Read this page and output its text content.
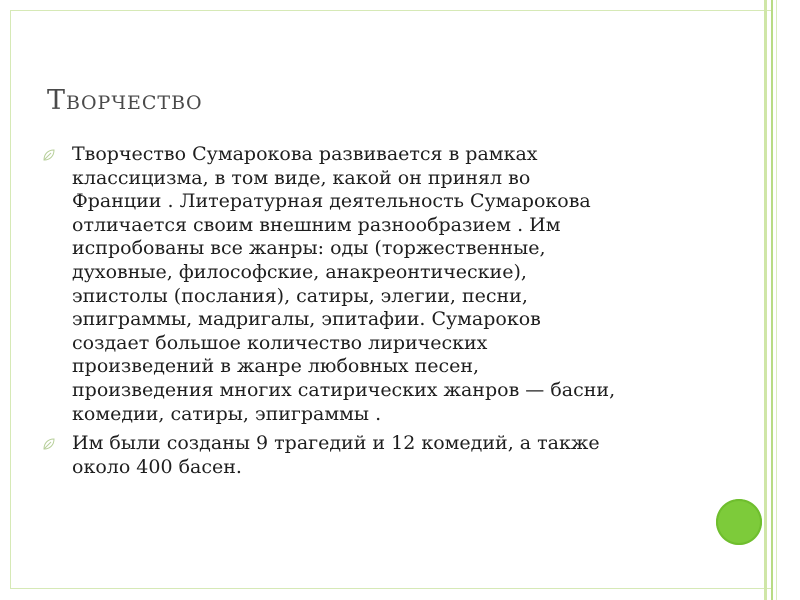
Творчество
Творчество Сумарокова развивается в рамках классицизма, в том виде, какой он принял во Франции . Литературная деятельность Сумарокова отличается своим внешним разнообразием . Им испробованы все жанры: оды (торжественные, духовные, философские, анакреонтические), эпистолы (послания), сатиры, элегии, песни, эпиграммы, мадригалы, эпитафии. Сумароков создает большое количество лирических произведений в жанре любовных песен, произведения многих сатирических жанров — басни, комедии, сатиры, эпиграммы .
Им были созданы 9 трагедий и 12 комедий, а также около 400 басен.
